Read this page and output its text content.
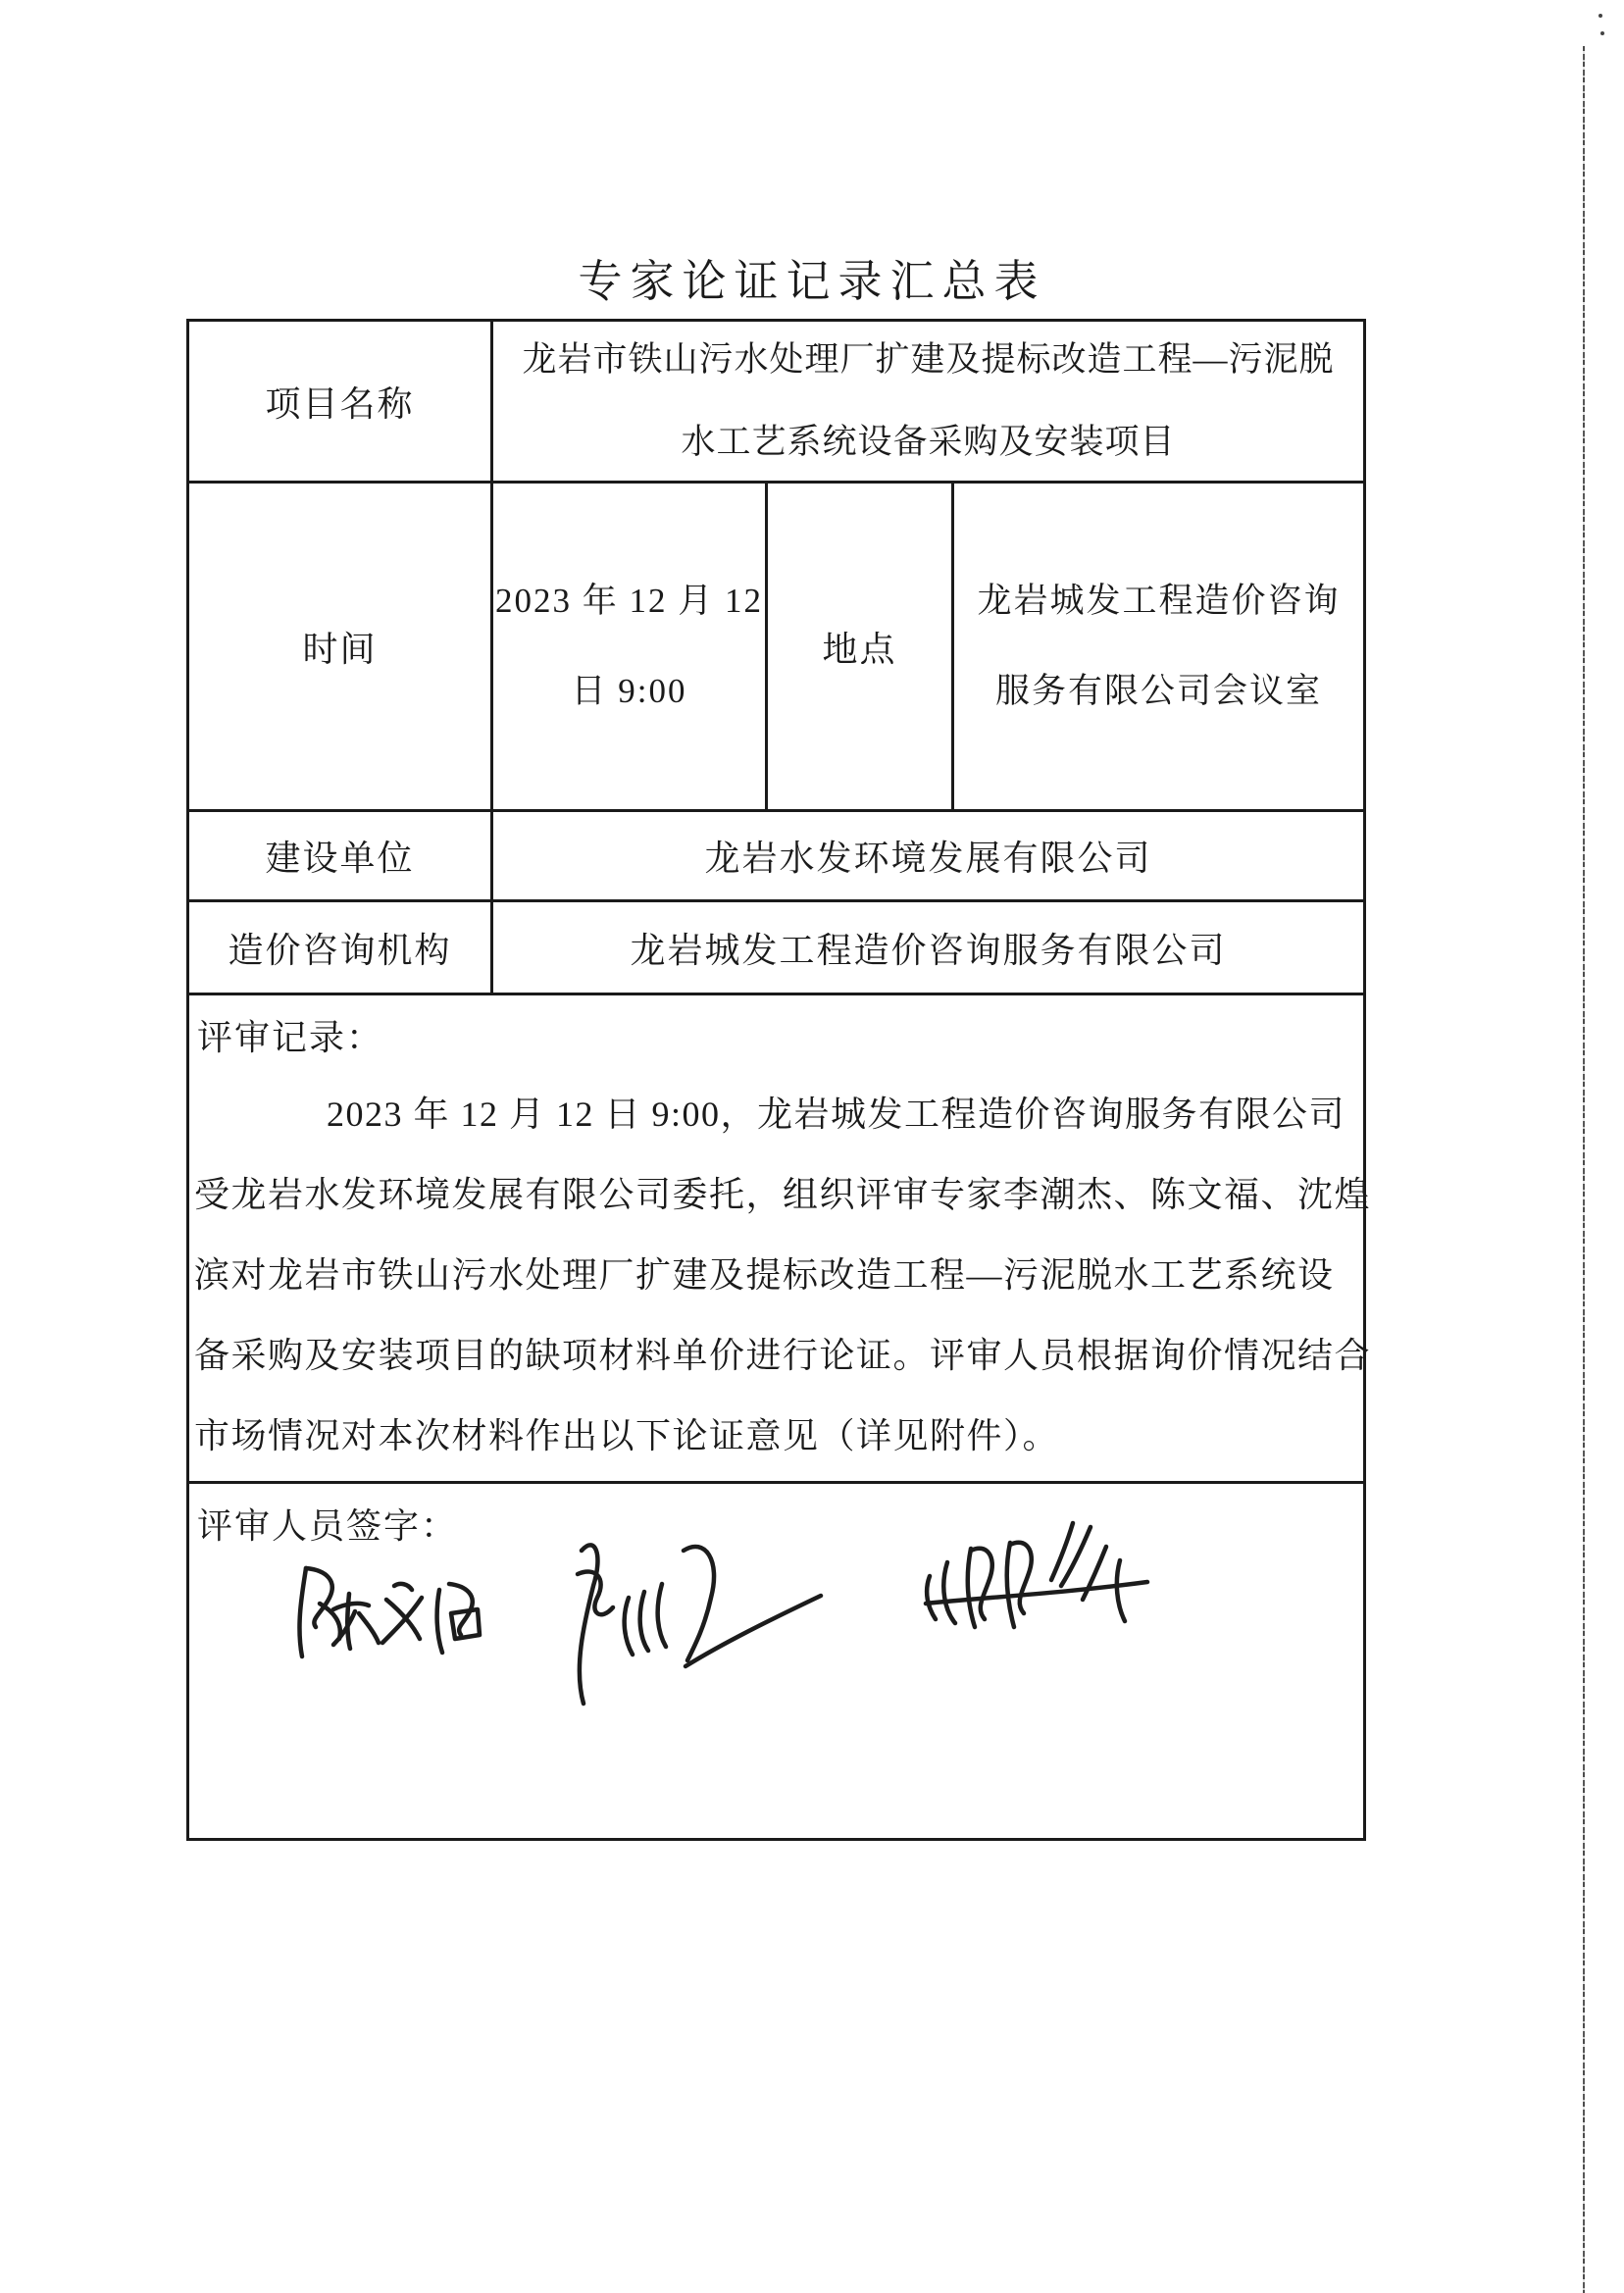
专家论证记录汇总表
项目名称
龙岩市铁山污水处理厂扩建及提标改造工程—污泥脱
水工艺系统设备采购及安装项目
时间
2023 年 12 月 12
日 9:00
地点
龙岩城发工程造价咨询
服务有限公司会议室
建设单位	龙岩水发环境发展有限公司
造价咨询机构	龙岩城发工程造价咨询服务有限公司
评审记录：
2023 年 12 月 12 日 9:00，龙岩城发工程造价咨询服务有限公司
受龙岩水发环境发展有限公司委托，组织评审专家李潮杰、陈文福、沈煌
滨对龙岩市铁山污水处理厂扩建及提标改造工程—污泥脱水工艺系统设
备采购及安装项目的缺项材料单价进行论证。评审人员根据询价情况结合
市场情况对本次材料作出以下论证意见（详见附件）。
评审人员签字：
